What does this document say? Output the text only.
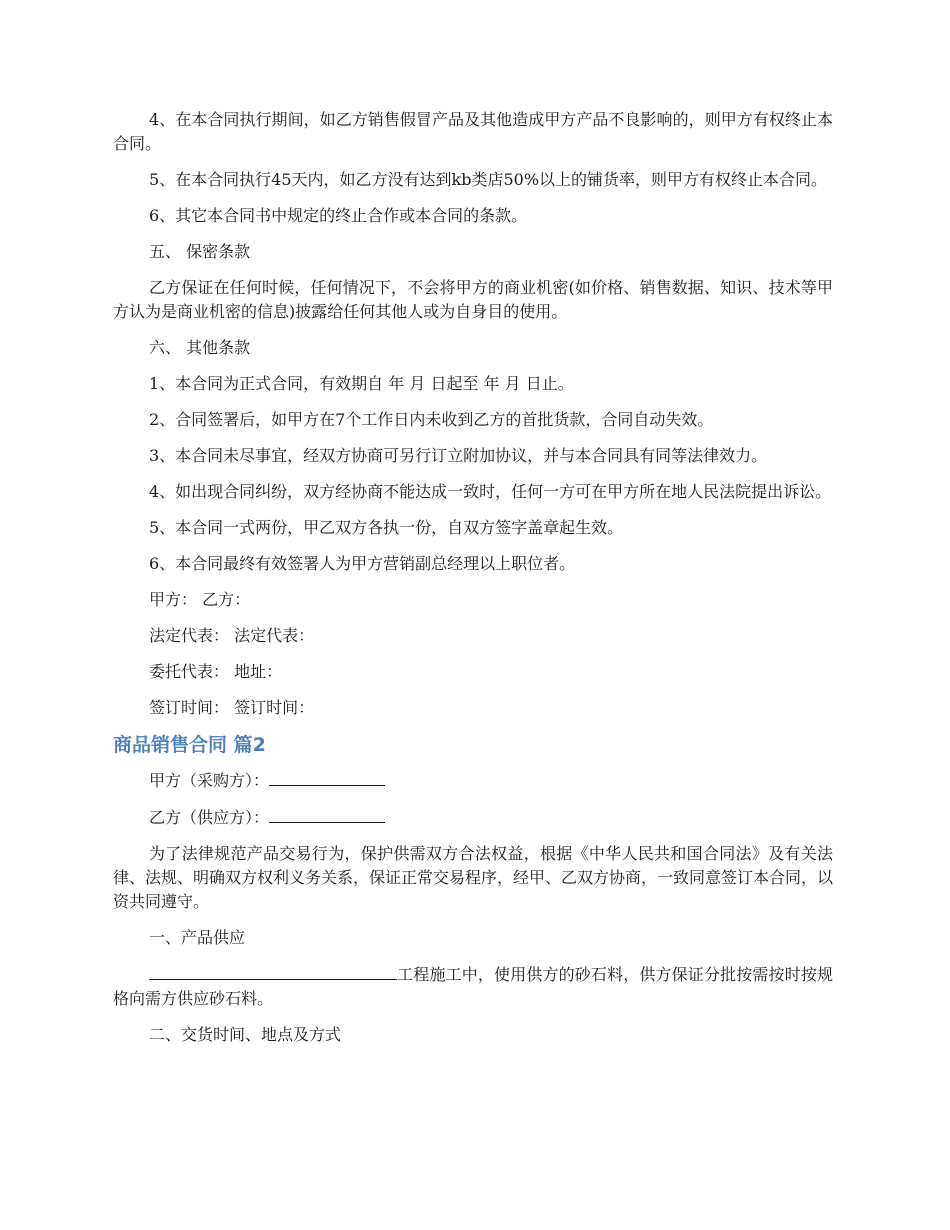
4、在本合同执行期间，如乙方销售假冒产品及其他造成甲方产品不良影响的，则甲方有权终止本合同。

5、在本合同执行45天内，如乙方没有达到kb类店50%以上的铺货率，则甲方有权终止本合同。

6、其它本合同书中规定的终止合作或本合同的条款。

五、 保密条款

乙方保证在任何时候，任何情况下，不会将甲方的商业机密(如价格、销售数据、知识、技术等甲方认为是商业机密的信息)披露给任何其他人或为自身目的使用。

六、 其他条款

1、本合同为正式合同，有效期自 年 月 日起至 年 月 日止。

2、合同签署后，如甲方在7个工作日内未收到乙方的首批货款，合同自动失效。

3、本合同未尽事宜，经双方协商可另行订立附加协议，并与本合同具有同等法律效力。

4、如出现合同纠纷，双方经协商不能达成一致时，任何一方可在甲方所在地人民法院提出诉讼。

5、本合同一式两份，甲乙双方各执一份，自双方签字盖章起生效。

6、本合同最终有效签署人为甲方营销副总经理以上职位者。

甲方： 乙方：

法定代表： 法定代表：

委托代表： 地址：

签订时间： 签订时间：

商品销售合同 篇2

甲方（采购方）：

乙方（供应方）：

为了法律规范产品交易行为，保护供需双方合法权益，根据《中华人民共和国合同法》及有关法律、法规、明确双方权利义务关系，保证正常交易程序，经甲、乙双方协商，一致同意签订本合同，以资共同遵守。

一、产品供应

工程施工中，使用供方的砂石料，供方保证分批按需按时按规格向需方供应砂石料。

二、交货时间、地点及方式
